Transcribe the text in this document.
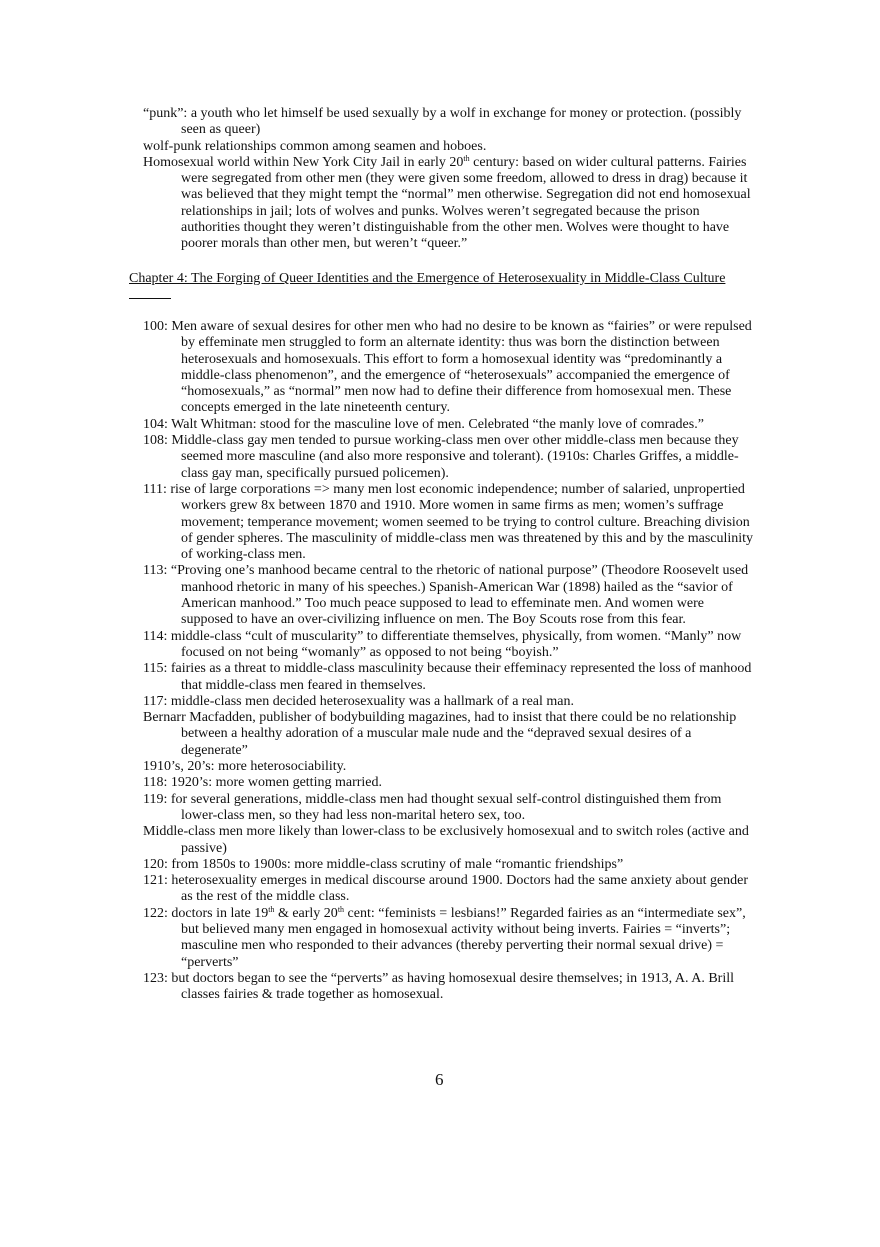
“punk”: a youth who let himself be used sexually by a wolf in exchange for money or protection. (possibly seen as queer)

wolf-punk relationships common among seamen and hoboes.

Homosexual world within New York City Jail in early 20th century: based on wider cultural patterns. Fairies were segregated from other men (they were given some freedom, allowed to dress in drag) because it was believed that they might tempt the “normal” men otherwise. Segregation did not end homosexual relationships in jail; lots of wolves and punks. Wolves weren’t segregated because the prison authorities thought they weren’t distinguishable from the other men. Wolves were thought to have poorer morals than other men, but weren’t “queer.”

Chapter 4: The Forging of Queer Identities and the Emergence of Heterosexuality in Middle-Class Culture

100: Men aware of sexual desires for other men who had no desire to be known as “fairies” or were repulsed by effeminate men struggled to form an alternate identity: thus was born the distinction between heterosexuals and homosexuals. This effort to form a homosexual identity was “predominantly a middle-class phenomenon”, and the emergence of “heterosexuals” accompanied the emergence of “homosexuals,” as “normal” men now had to define their difference from homosexual men. These concepts emerged in the late nineteenth century.

104: Walt Whitman: stood for the masculine love of men. Celebrated “the manly love of comrades.”

108: Middle-class gay men tended to pursue working-class men over other middle-class men because they seemed more masculine (and also more responsive and tolerant). (1910s: Charles Griffes, a middle-class gay man, specifically pursued policemen).

111: rise of large corporations => many men lost economic independence; number of salaried, unpropertied workers grew 8x between 1870 and 1910. More women in same firms as men; women’s suffrage movement; temperance movement; women seemed to be trying to control culture. Breaching division of gender spheres. The masculinity of middle-class men was threatened by this and by the masculinity of working-class men.

113: “Proving one’s manhood became central to the rhetoric of national purpose” (Theodore Roosevelt used manhood rhetoric in many of his speeches.) Spanish-American War (1898) hailed as the “savior of American manhood.” Too much peace supposed to lead to effeminate men. And women were supposed to have an over-civilizing influence on men. The Boy Scouts rose from this fear.

114: middle-class “cult of muscularity” to differentiate themselves, physically, from women. “Manly” now focused on not being “womanly” as opposed to not being “boyish.”

115: fairies as a threat to middle-class masculinity because their effeminacy represented the loss of manhood that middle-class men feared in themselves.

117: middle-class men decided heterosexuality was a hallmark of a real man.

Bernarr Macfadden, publisher of bodybuilding magazines, had to insist that there could be no relationship between a healthy adoration of a muscular male nude and the “depraved sexual desires of a degenerate”

1910’s, 20’s: more heterosociability.

118: 1920’s: more women getting married.

119: for several generations, middle-class men had thought sexual self-control distinguished them from lower-class men, so they had less non-marital hetero sex, too.

Middle-class men more likely than lower-class to be exclusively homosexual and to switch roles (active and passive)

120: from 1850s to 1900s: more middle-class scrutiny of male “romantic friendships”

121: heterosexuality emerges in medical discourse around 1900. Doctors had the same anxiety about gender as the rest of the middle class.

122: doctors in late 19th & early 20th cent: “feminists = lesbians!” Regarded fairies as an “intermediate sex”, but believed many men engaged in homosexual activity without being inverts. Fairies = “inverts”; masculine men who responded to their advances (thereby perverting their normal sexual drive) = “perverts”

123: but doctors began to see the “perverts” as having homosexual desire themselves; in 1913, A. A. Brill classes fairies & trade together as homosexual.

6
